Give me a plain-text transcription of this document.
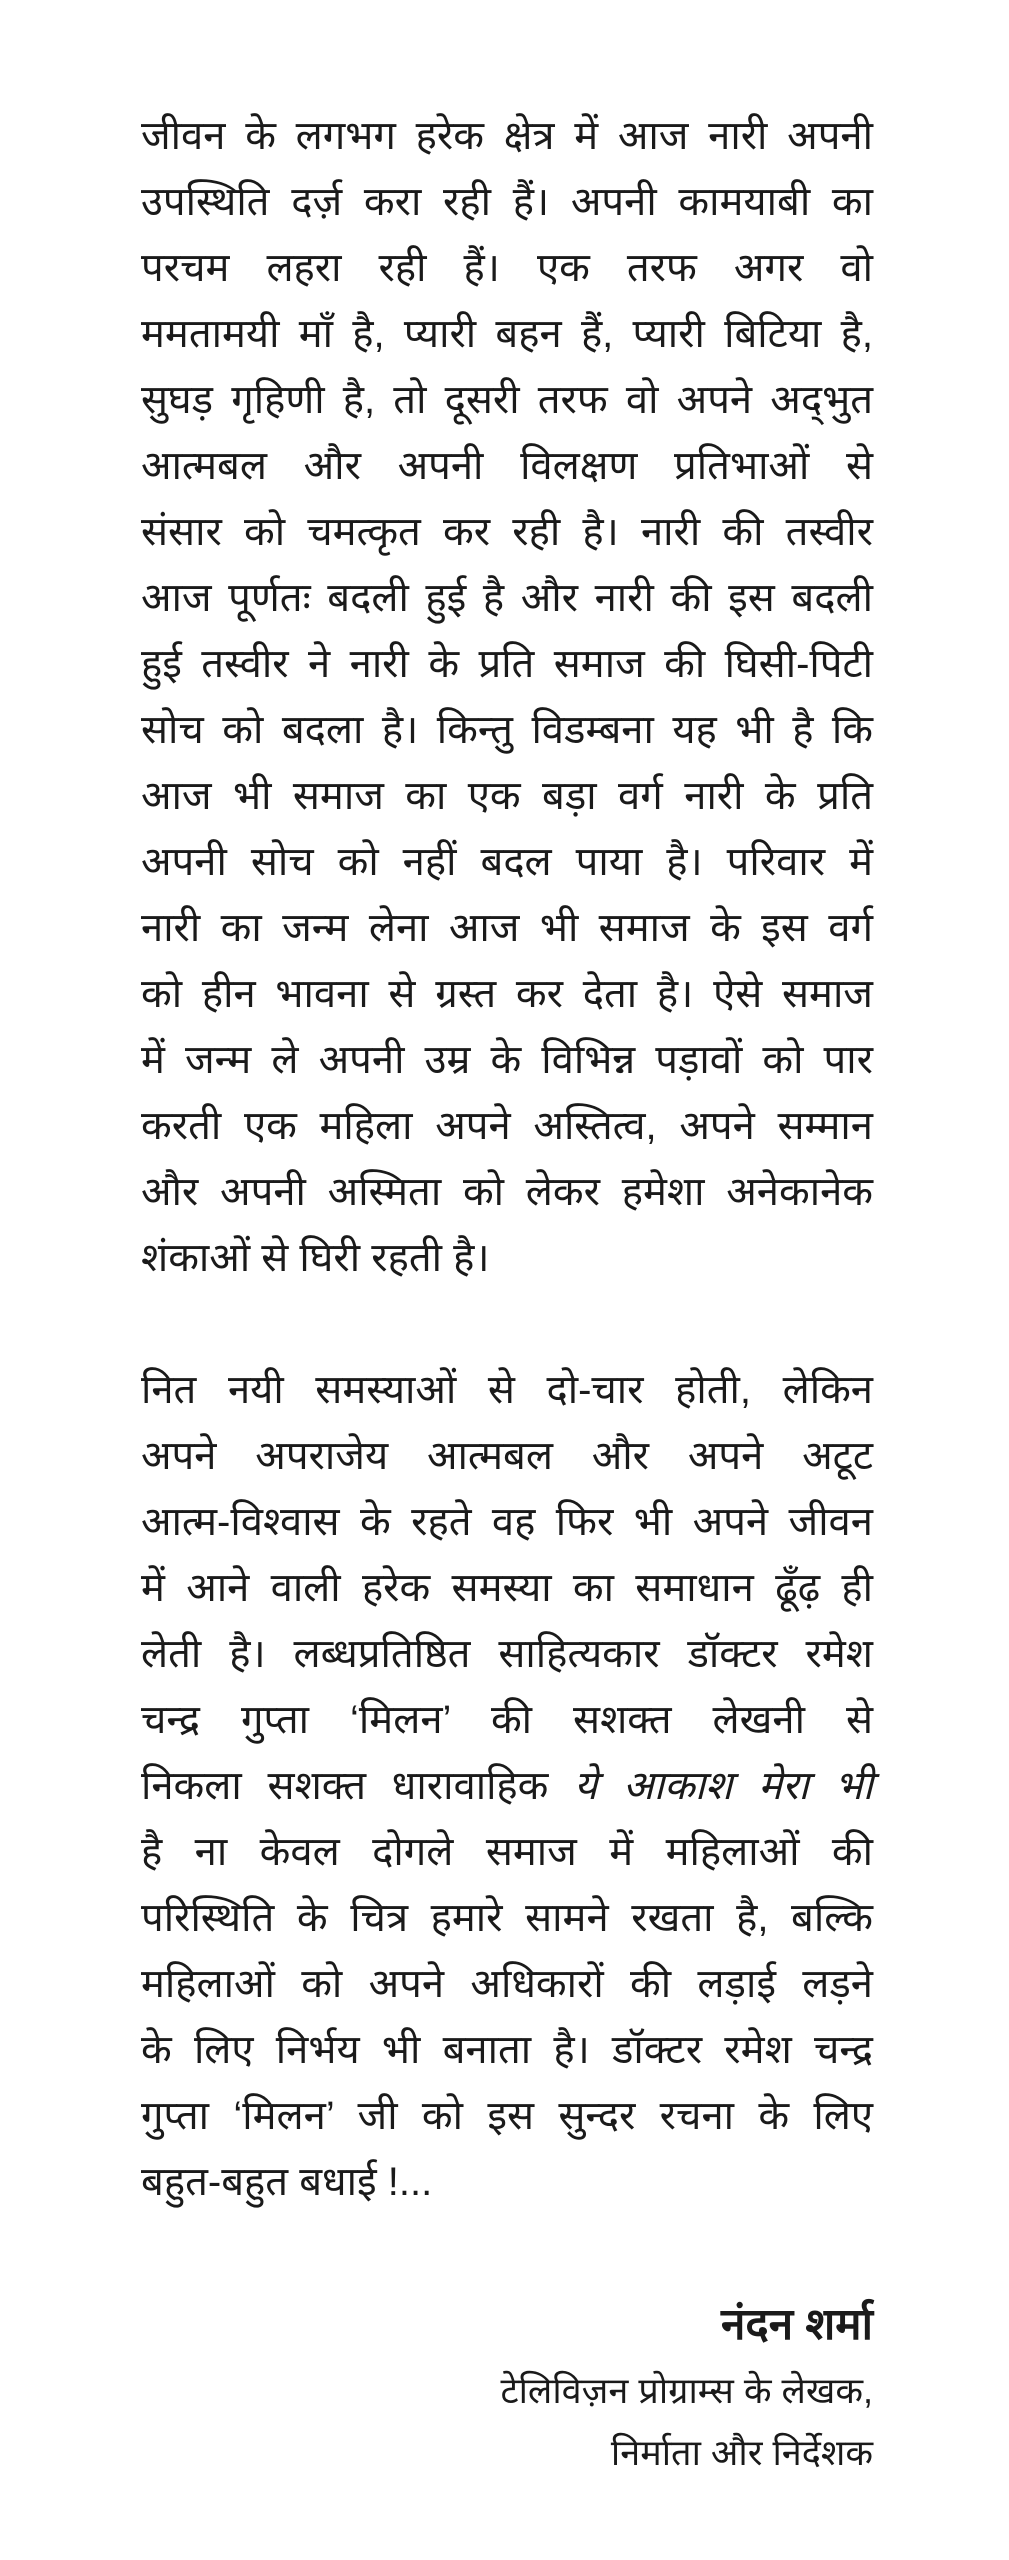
जीवन के लगभग हरेक क्षेत्र में आज नारी अपनी
उपस्थिति दर्ज़ करा रही हैं। अपनी कामयाबी का
परचम लहरा रही हैं। एक तरफ अगर वो
ममतामयी माँ है, प्यारी बहन हैं, प्यारी बिटिया है,
सुघड़ गृहिणी है, तो दूसरी तरफ वो अपने अद्‌भुत
आत्मबल और अपनी विलक्षण प्रतिभाओं से
संसार को चमत्कृत कर रही है। नारी की तस्वीर
आज पूर्णतः बदली हुई है और नारी की इस बदली
हुई तस्वीर ने नारी के प्रति समाज की घिसी-पिटी
सोच को बदला है। किन्तु विडम्बना यह भी है कि
आज भी समाज का एक बड़ा वर्ग नारी के प्रति
अपनी सोच को नहीं बदल पाया है। परिवार में
नारी का जन्म लेना आज भी समाज के इस वर्ग
को हीन भावना से ग्रस्त कर देता है। ऐसे समाज
में जन्म ले अपनी उम्र के विभिन्न पड़ावों को पार
करती एक महिला अपने अस्तित्व, अपने सम्मान
और अपनी अस्मिता को लेकर हमेशा अनेकानेक
शंकाओं से घिरी रहती है।
नित नयी समस्याओं से दो-चार होती, लेकिन
अपने अपराजेय आत्मबल और अपने अटूट
आत्म-विश्वास के रहते वह फिर भी अपने जीवन
में आने वाली हरेक समस्या का समाधान ढूँढ़ ही
लेती है। लब्धप्रतिष्ठित साहित्यकार डॉक्टर रमेश
चन्द्र गुप्ता ‘मिलन’ की सशक्त लेखनी से
निकला सशक्त धारावाहिक ये आकाश मेरा भी
है ना केवल दोगले समाज में महिलाओं की
परिस्थिति के चित्र हमारे सामने रखता है, बल्कि
महिलाओं को अपने अधिकारों की लड़ाई लड़ने
के लिए निर्भय भी बनाता है। डॉक्टर रमेश चन्द्र
गुप्ता ‘मिलन’ जी को इस सुन्दर रचना के लिए
बहुत-बहुत बधाई !...
नंदन शर्मा
टेलिविज़न प्रोग्राम्स के लेखक,
निर्माता और निर्देशक
